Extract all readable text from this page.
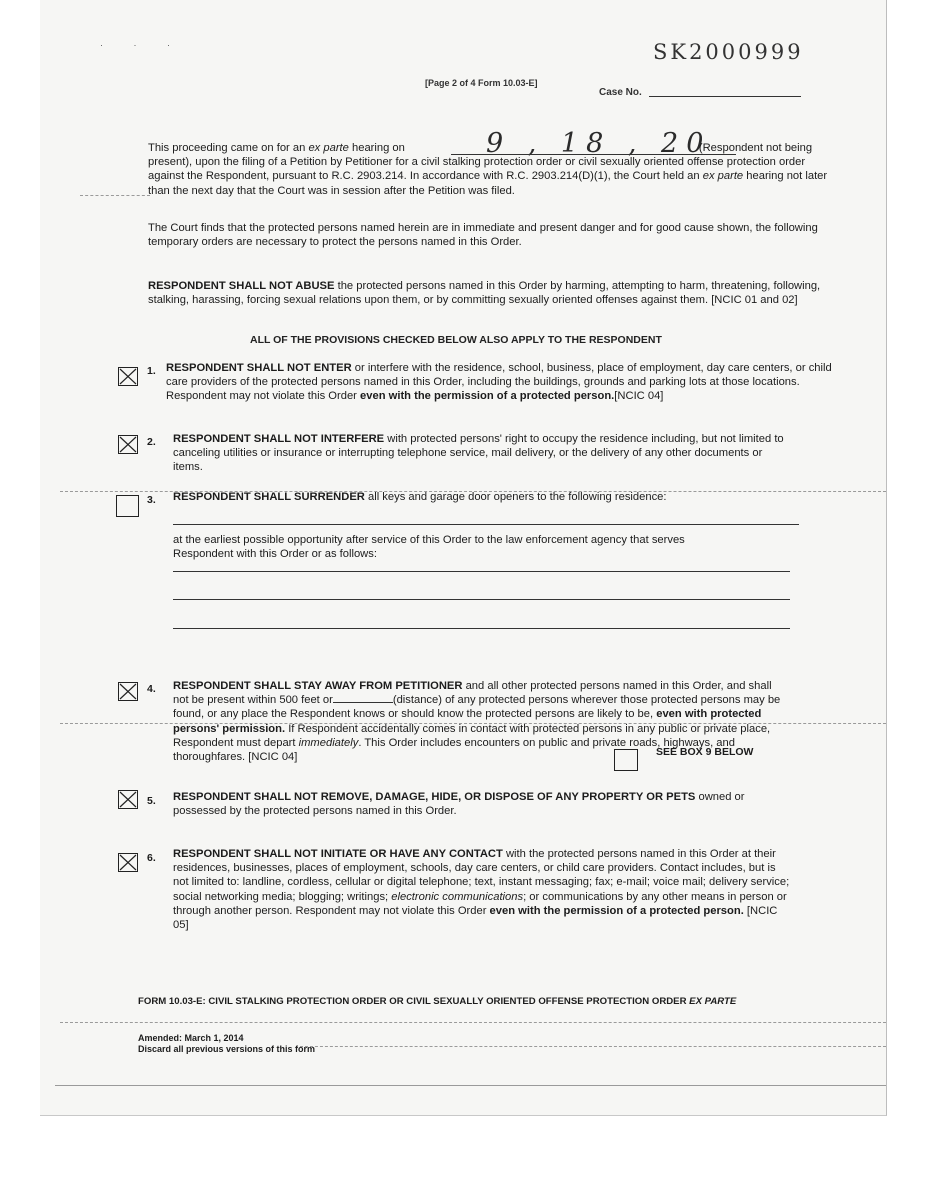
· · ·	SK2000999
[Page 2 of 4 Form 10.03-E]
Case No.
9 , 18 , 20
This proceeding came on for an ex parte hearing on	(Respondent not being present), upon the filing of a Petition by Petitioner for a civil stalking protection order or civil sexually oriented offense protection order against the Respondent, pursuant to R.C. 2903.214. In accordance with R.C. 2903.214(D)(1), the Court held an ex parte hearing not later than the next day that the Court was in session after the Petition was filed.
The Court finds that the protected persons named herein are in immediate and present danger and for good cause shown, the following temporary orders are necessary to protect the persons named in this Order.
RESPONDENT SHALL NOT ABUSE the protected persons named in this Order by harming, attempting to harm, threatening, following, stalking, harassing, forcing sexual relations upon them, or by committing sexually oriented offenses against them. [NCIC 01 and 02]
ALL OF THE PROVISIONS CHECKED BELOW ALSO APPLY TO THE RESPONDENT
1. RESPONDENT SHALL NOT ENTER or interfere with the residence, school, business, place of employment, day care centers, or child care providers of the protected persons named in this Order, including the buildings, grounds and parking lots at those locations. Respondent may not violate this Order even with the permission of a protected person.[NCIC 04]
2. RESPONDENT SHALL NOT INTERFERE with protected persons' right to occupy the residence including, but not limited to canceling utilities or insurance or interrupting telephone service, mail delivery, or the delivery of any other documents or items.
3. RESPONDENT SHALL SURRENDER all keys and garage door openers to the following residence:
at the earliest possible opportunity after service of this Order to the law enforcement agency that serves Respondent with this Order or as follows:
4. RESPONDENT SHALL STAY AWAY FROM PETITIONER and all other protected persons named in this Order, and shall not be present within 500 feet or	(distance) of any protected persons wherever those protected persons may be found, or any place the Respondent knows or should know the protected persons are likely to be, even with protected persons' permission. If Respondent accidentally comes in contact with protected persons in any public or private place, Respondent must depart immediately. This Order includes encounters on public and private roads, highways, and thoroughfares. [NCIC 04]	SEE BOX 9 BELOW
5. RESPONDENT SHALL NOT REMOVE, DAMAGE, HIDE, OR DISPOSE OF ANY PROPERTY OR PETS owned or possessed by the protected persons named in this Order.
6. RESPONDENT SHALL NOT INITIATE OR HAVE ANY CONTACT with the protected persons named in this Order at their residences, businesses, places of employment, schools, day care centers, or child care providers. Contact includes, but is not limited to: landline, cordless, cellular or digital telephone; text, instant messaging; fax; e-mail; voice mail; delivery service; social networking media; blogging; writings; electronic communications; or communications by any other means in person or through another person. Respondent may not violate this Order even with the permission of a protected person. [NCIC 05]
FORM 10.03-E: CIVIL STALKING PROTECTION ORDER OR CIVIL SEXUALLY ORIENTED OFFENSE PROTECTION ORDER EX PARTE
Amended: March 1, 2014
Discard all previous versions of this form
